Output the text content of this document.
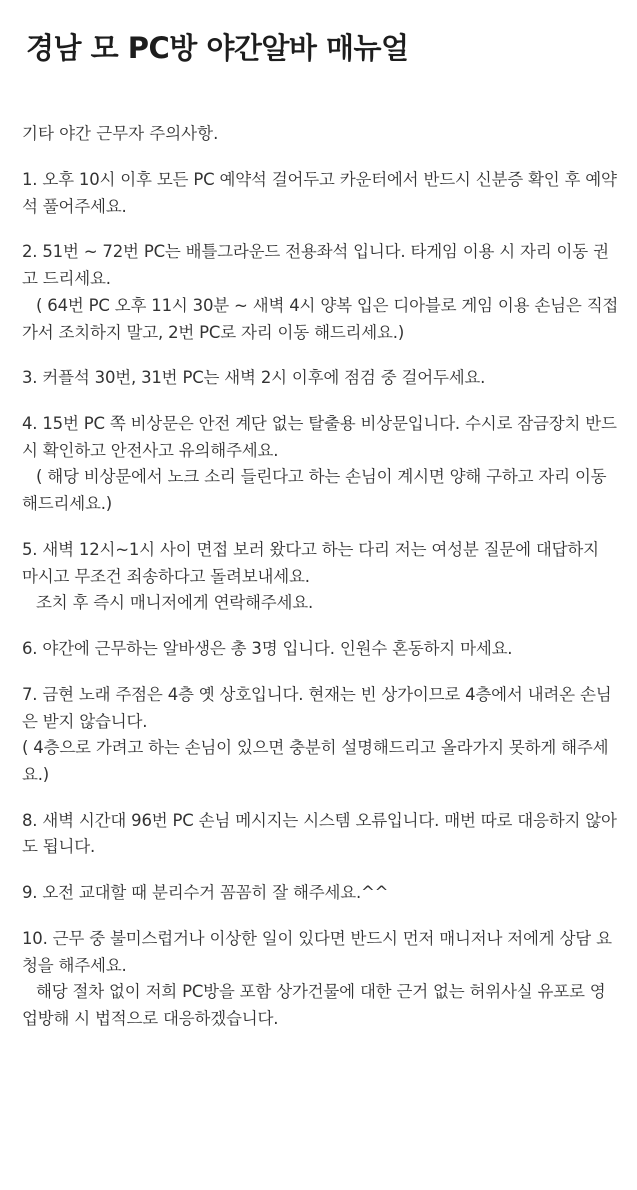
경남 모 PC방 야간알바 매뉴얼

기타 야간 근무자 주의사항.

1. 오후 10시 이후 모든 PC 예약석 걸어두고 카운터에서 반드시 신분증 확인 후 예약석 풀어주세요.

2. 51번 ~ 72번 PC는 배틀그라운드 전용좌석 입니다. 타게임 이용 시 자리 이동 권고 드리세요.

( 64번 PC 오후 11시 30분 ~ 새벽 4시 양복 입은 디아블로 게임 이용 손님은 직접 가서 조치하지 말고, 2번 PC로 자리 이동 해드리세요.)

3. 커플석 30번, 31번 PC는 새벽 2시 이후에 점검 중 걸어두세요.

4. 15번 PC 쪽 비상문은 안전 계단 없는 탈출용 비상문입니다. 수시로 잠금장치 반드시 확인하고 안전사고 유의해주세요.

( 해당 비상문에서 노크 소리 들린다고 하는 손님이 계시면 양해 구하고 자리 이동 해드리세요.)

5. 새벽 12시~1시 사이 면접 보러 왔다고 하는 다리 저는 여성분 질문에 대답하지 마시고 무조건 죄송하다고 돌려보내세요.

조치 후 즉시 매니저에게 연락해주세요.

6. 야간에 근무하는 알바생은 총 3명 입니다. 인원수 혼동하지 마세요.

7. 금현 노래 주점은 4층 옛 상호입니다. 현재는 빈 상가이므로 4층에서 내려온 손님은 받지 않습니다.

( 4층으로 가려고 하는 손님이 있으면 충분히 설명해드리고 올라가지 못하게 해주세요.)

8. 새벽 시간대 96번 PC 손님 메시지는 시스템 오류입니다. 매번 따로 대응하지 않아도 됩니다.

9. 오전 교대할 때 분리수거 꼼꼼히 잘 해주세요.^^

10. 근무 중 불미스럽거나 이상한 일이 있다면 반드시 먼저 매니저나 저에게 상담 요청을 해주세요.

해당 절차 없이 저희 PC방을 포함 상가건물에 대한 근거 없는 허위사실 유포로 영업방해 시 법적으로 대응하겠습니다.
